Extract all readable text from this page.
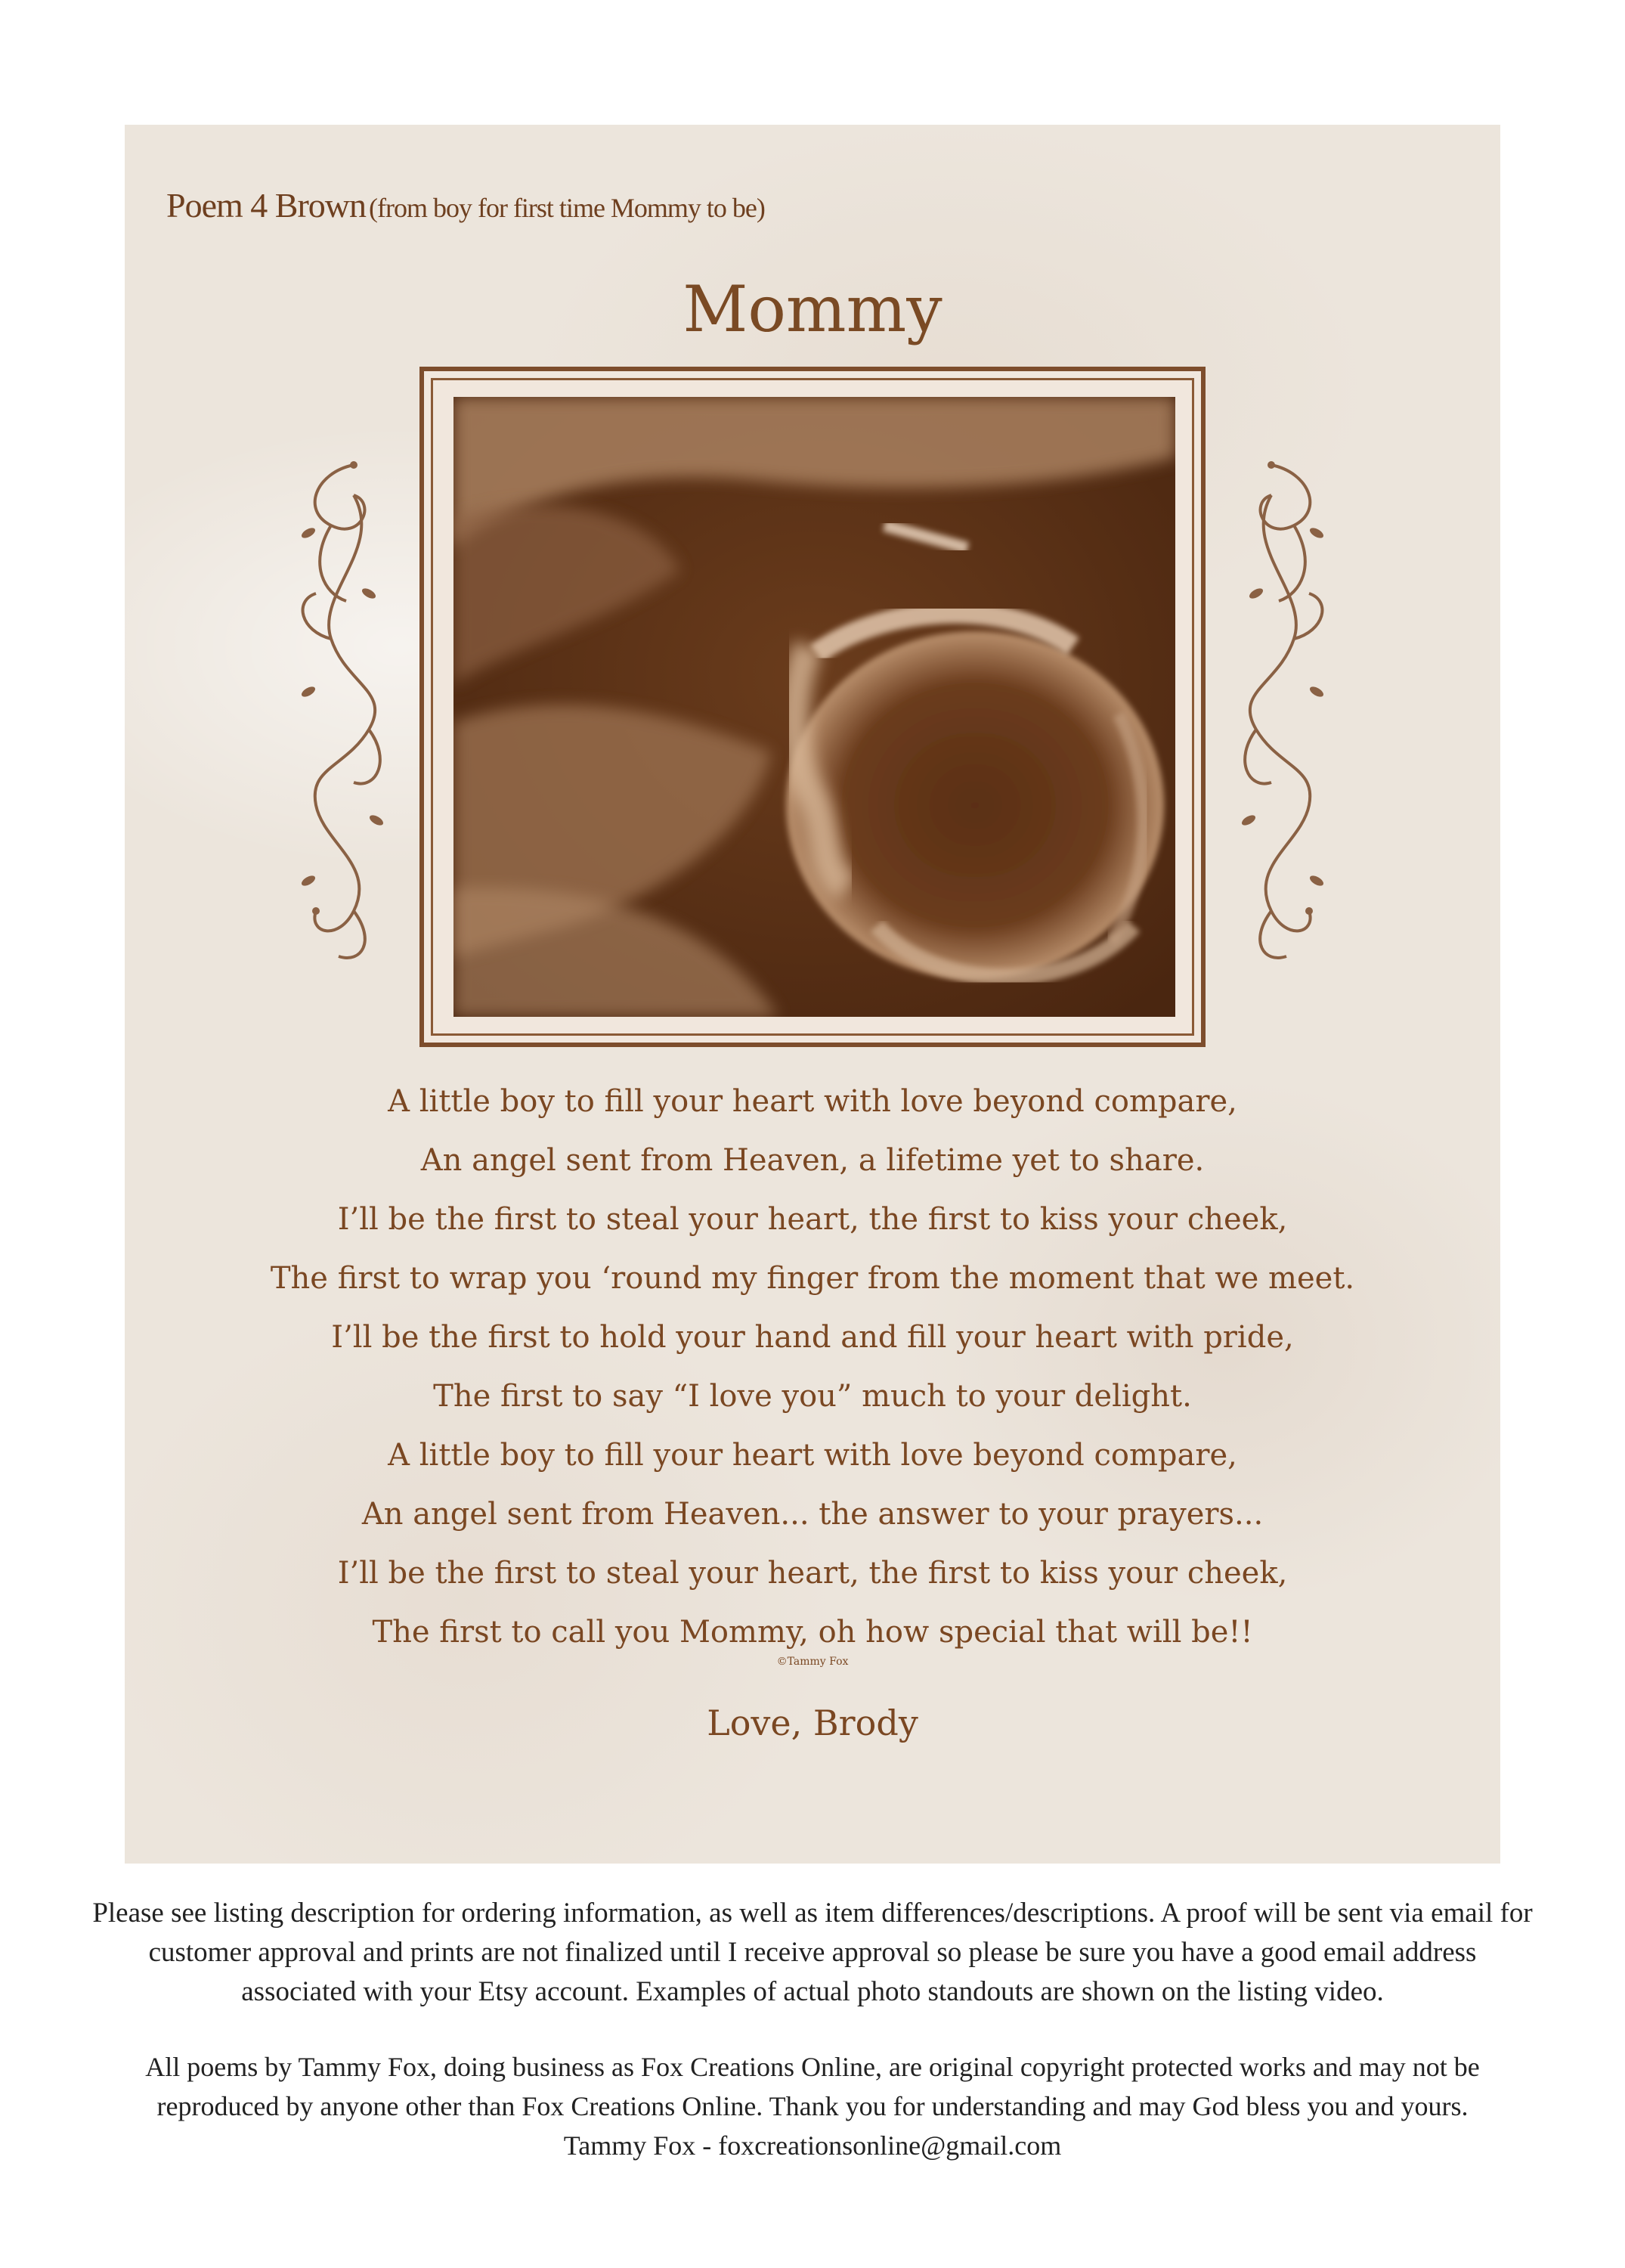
Poem 4 Brown (from boy for first time Mommy to be)
Mommy
A little boy to fill your heart with love beyond compare,
An angel sent from Heaven, a lifetime yet to share.
I’ll be the first to steal your heart, the first to kiss your cheek,
The first to wrap you ‘round my finger from the moment that we meet.
I’ll be the first to hold your hand and fill your heart with pride,
The first to say “I love you” much to your delight.
A little boy to fill your heart with love beyond compare,
An angel sent from Heaven... the answer to your prayers...
I’ll be the first to steal your heart, the first to kiss your cheek,
The first to call you Mommy, oh how special that will be!!
©Tammy Fox
Love, Brody
Please see listing description for ordering information, as well as item differences/descriptions. A proof will be sent via email for customer approval and prints are not finalized until I receive approval so please be sure you have a good email address associated with your Etsy account. Examples of actual photo standouts are shown on the listing video.
All poems by Tammy Fox, doing business as Fox Creations Online, are original copyright protected works and may not be reproduced by anyone other than Fox Creations Online. Thank you for understanding and may God bless you and yours.
Tammy Fox - foxcreationsonline@gmail.com
